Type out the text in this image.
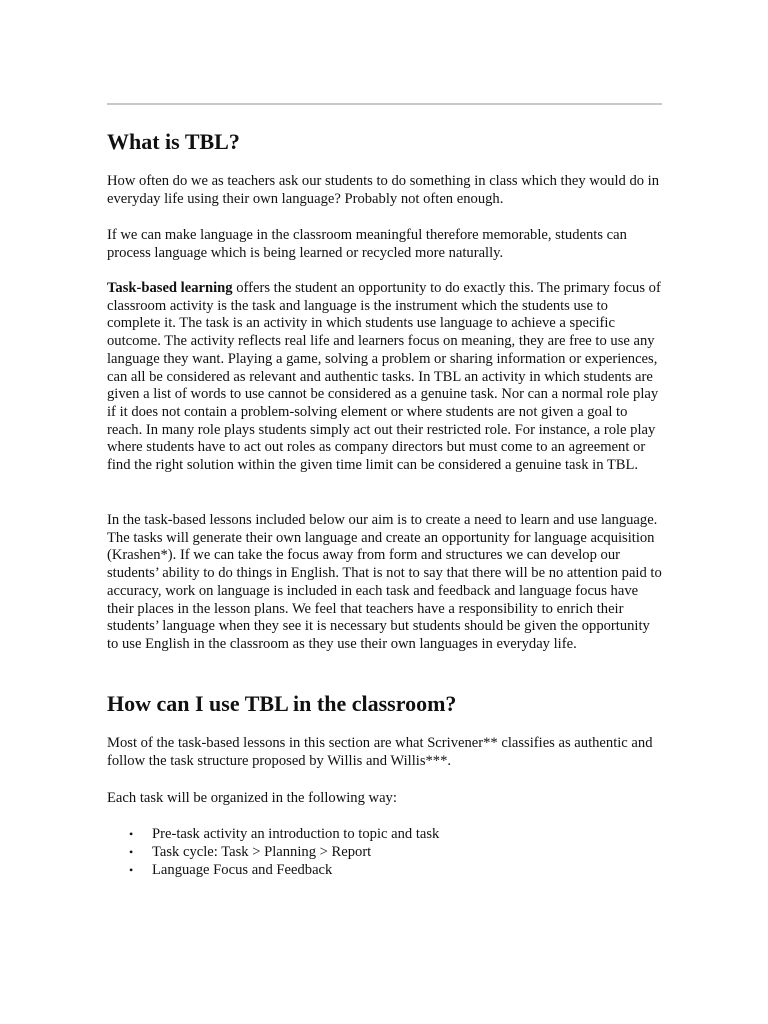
What is TBL?

How often do we as teachers ask our students to do something in class which they would do in everyday life using their own language? Probably not often enough.

If we can make language in the classroom meaningful therefore memorable, students can process language which is being learned or recycled more naturally.

Task-based learning offers the student an opportunity to do exactly this. The primary focus of classroom activity is the task and language is the instrument which the students use to complete it. The task is an activity in which students use language to achieve a specific outcome. The activity reflects real life and learners focus on meaning, they are free to use any language they want. Playing a game, solving a problem or sharing information or experiences, can all be considered as relevant and authentic tasks. In TBL an activity in which students are given a list of words to use cannot be considered as a genuine task. Nor can a normal role play if it does not contain a problem-solving element or where students are not given a goal to reach. In many role plays students simply act out their restricted role. For instance, a role play where students have to act out roles as company directors but must come to an agreement or find the right solution within the given time limit can be considered a genuine task in TBL.

In the task-based lessons included below our aim is to create a need to learn and use language. The tasks will generate their own language and create an opportunity for language acquisition (Krashen*). If we can take the focus away from form and structures we can develop our students’ ability to do things in English. That is not to say that there will be no attention paid to accuracy, work on language is included in each task and feedback and language focus have their places in the lesson plans. We feel that teachers have a responsibility to enrich their students’ language when they see it is necessary but students should be given the opportunity to use English in the classroom as they use their own languages in everyday life.

How can I use TBL in the classroom?

Most of the task-based lessons in this section are what Scrivener** classifies as authentic and follow the task structure proposed by Willis and Willis***.

Each task will be organized in the following way:

• Pre-task activity an introduction to topic and task
• Task cycle: Task > Planning > Report
• Language Focus and Feedback
